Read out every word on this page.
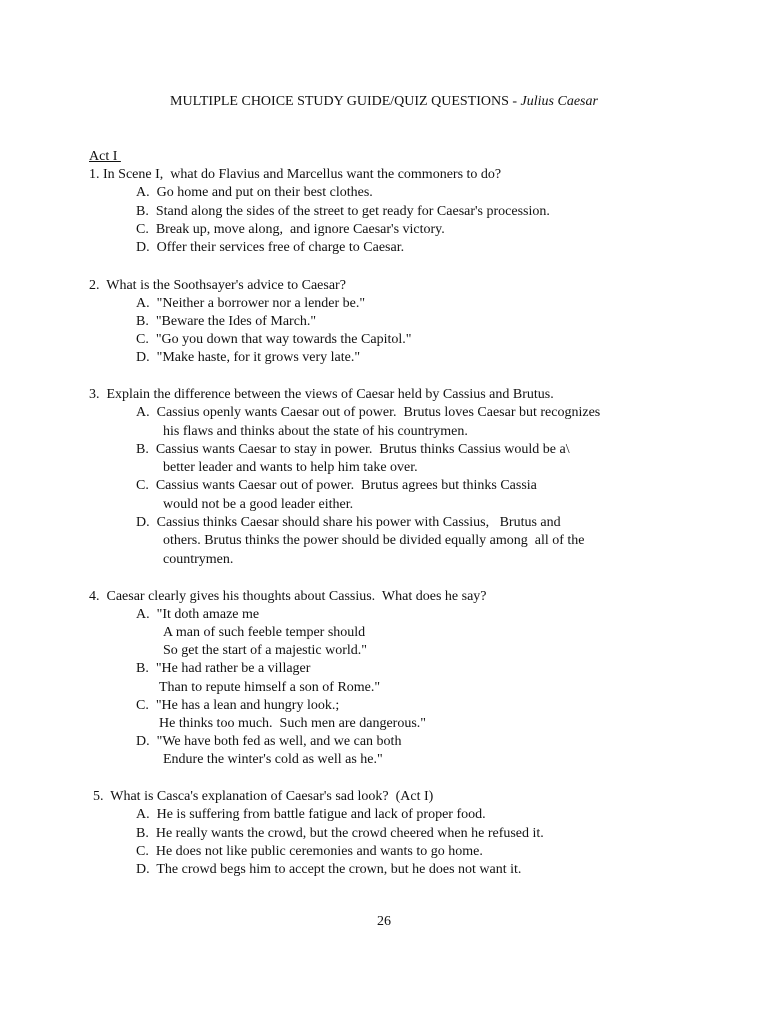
MULTIPLE CHOICE STUDY GUIDE/QUIZ QUESTIONS - Julius Caesar
Act I
1. In Scene I,  what do Flavius and Marcellus want the commoners to do?
A.  Go home and put on their best clothes.
B.  Stand along the sides of the street to get ready for Caesar's procession.
C.  Break up, move along,  and ignore Caesar's victory.
D.  Offer their services free of charge to Caesar.
2.  What is the Soothsayer's advice to Caesar?
A.  "Neither a borrower nor a lender be."
B.  "Beware the Ides of March."
C.  "Go you down that way towards the Capitol."
D.  "Make haste, for it grows very late."
3.  Explain the difference between the views of Caesar held by Cassius and Brutus.
A.  Cassius openly wants Caesar out of power.  Brutus loves Caesar but recognizes
his flaws and thinks about the state of his countrymen.
B.  Cassius wants Caesar to stay in power.  Brutus thinks Cassius would be a\
better leader and wants to help him take over.
C.  Cassius wants Caesar out of power.  Brutus agrees but thinks Cassia
would not be a good leader either.
D.  Cassius thinks Caesar should share his power with Cassius,   Brutus and
others. Brutus thinks the power should be divided equally among  all of the
countrymen.
4.  Caesar clearly gives his thoughts about Cassius.  What does he say?
A.  "It doth amaze me
A man of such feeble temper should
So get the start of a majestic world."
B.  "He had rather be a villager
Than to repute himself a son of Rome."
C.  "He has a lean and hungry look.;
He thinks too much.  Such men are dangerous."
D.  "We have both fed as well, and we can both
Endure the winter's cold as well as he."
5.  What is Casca's explanation of Caesar's sad look?  (Act I)
A.  He is suffering from battle fatigue and lack of proper food.
B.  He really wants the crowd, but the crowd cheered when he refused it.
C.  He does not like public ceremonies and wants to go home.
D.  The crowd begs him to accept the crown, but he does not want it.
26
